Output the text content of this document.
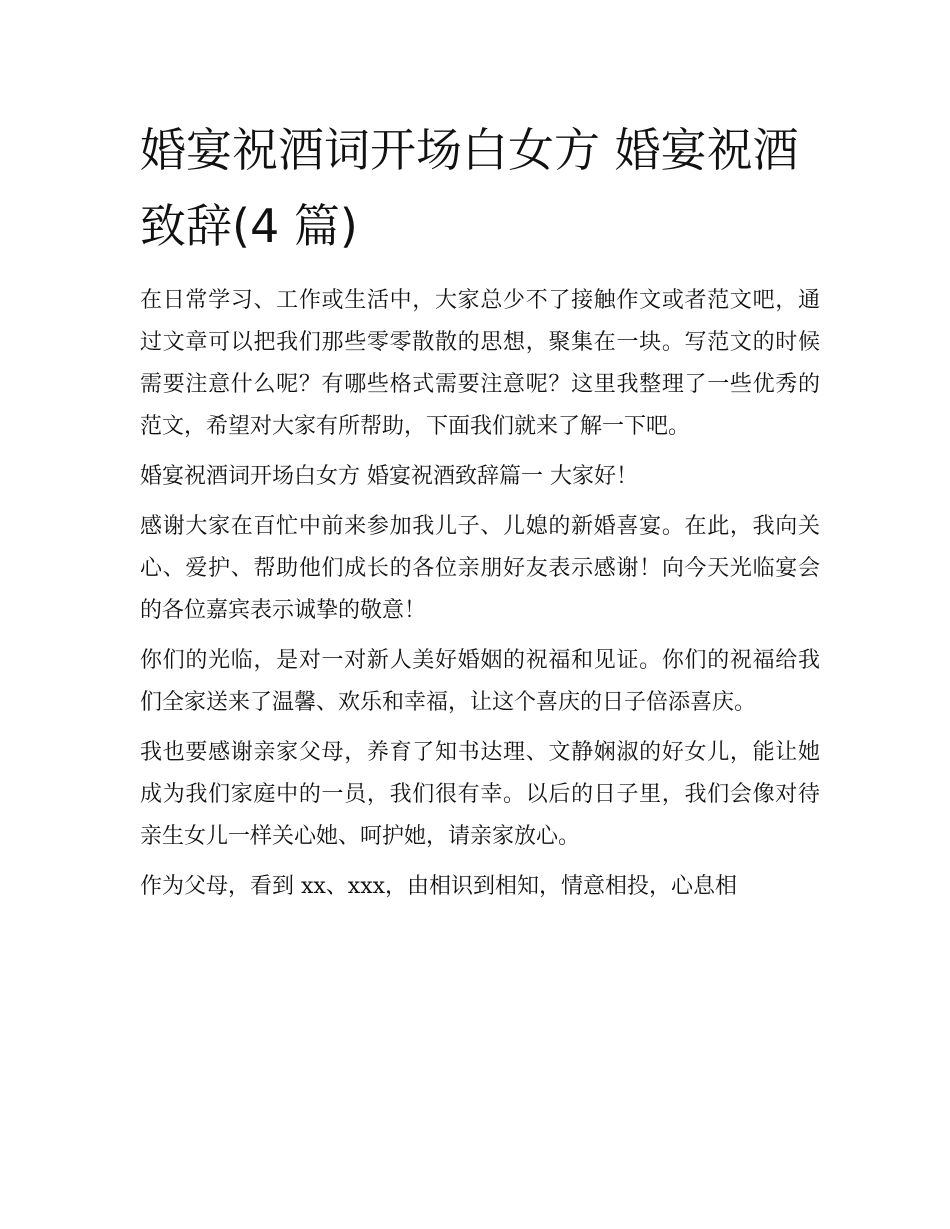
婚宴祝酒词开场白女方 婚宴祝酒致辞(4 篇)

在日常学习、工作或生活中，大家总少不了接触作文或者范文吧，通过文章可以把我们那些零零散散的思想，聚集在一块。写范文的时候需要注意什么呢？有哪些格式需要注意呢？这里我整理了一些优秀的范文，希望对大家有所帮助，下面我们就来了解一下吧。

婚宴祝酒词开场白女方 婚宴祝酒致辞篇一 大家好！

感谢大家在百忙中前来参加我儿子、儿媳的新婚喜宴。在此，我向关心、爱护、帮助他们成长的各位亲朋好友表示感谢！向今天光临宴会的各位嘉宾表示诚挚的敬意！

你们的光临，是对一对新人美好婚姻的祝福和见证。你们的祝福给我们全家送来了温馨、欢乐和幸福，让这个喜庆的日子倍添喜庆。

我也要感谢亲家父母，养育了知书达理、文静娴淑的好女儿，能让她成为我们家庭中的一员，我们很有幸。以后的日子里，我们会像对待亲生女儿一样关心她、呵护她，请亲家放心。

作为父母，看到 xx、xxx，由相识到相知，情意相投，心息相
